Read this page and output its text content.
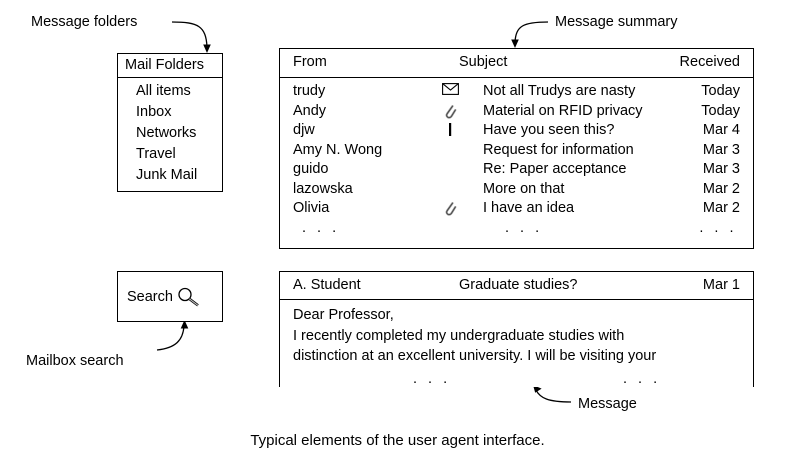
Message folders	Message summary
Mailbox search
Message
Mail Folders
All items
Inbox
Networks
Travel
Junk Mail
Search
From	Subject	Received
trudy	Not all Trudys are nasty	Today
Andy	Material on RFID privacy	Today
djw	Have you seen this?	Mar 4
Amy N. Wong	Request for information	Mar 3
guido	Re: Paper acceptance	Mar 3
lazowska	More on that	Mar 2
Olivia	I have an idea	Mar 2
. . .	. . .	. . .
A. Student	Graduate studies?	Mar 1
Dear Professor,
I recently completed my undergraduate studies with
distinction at an excellent university. I will be visiting your
. . .	. . .
Typical elements of the user agent interface.
